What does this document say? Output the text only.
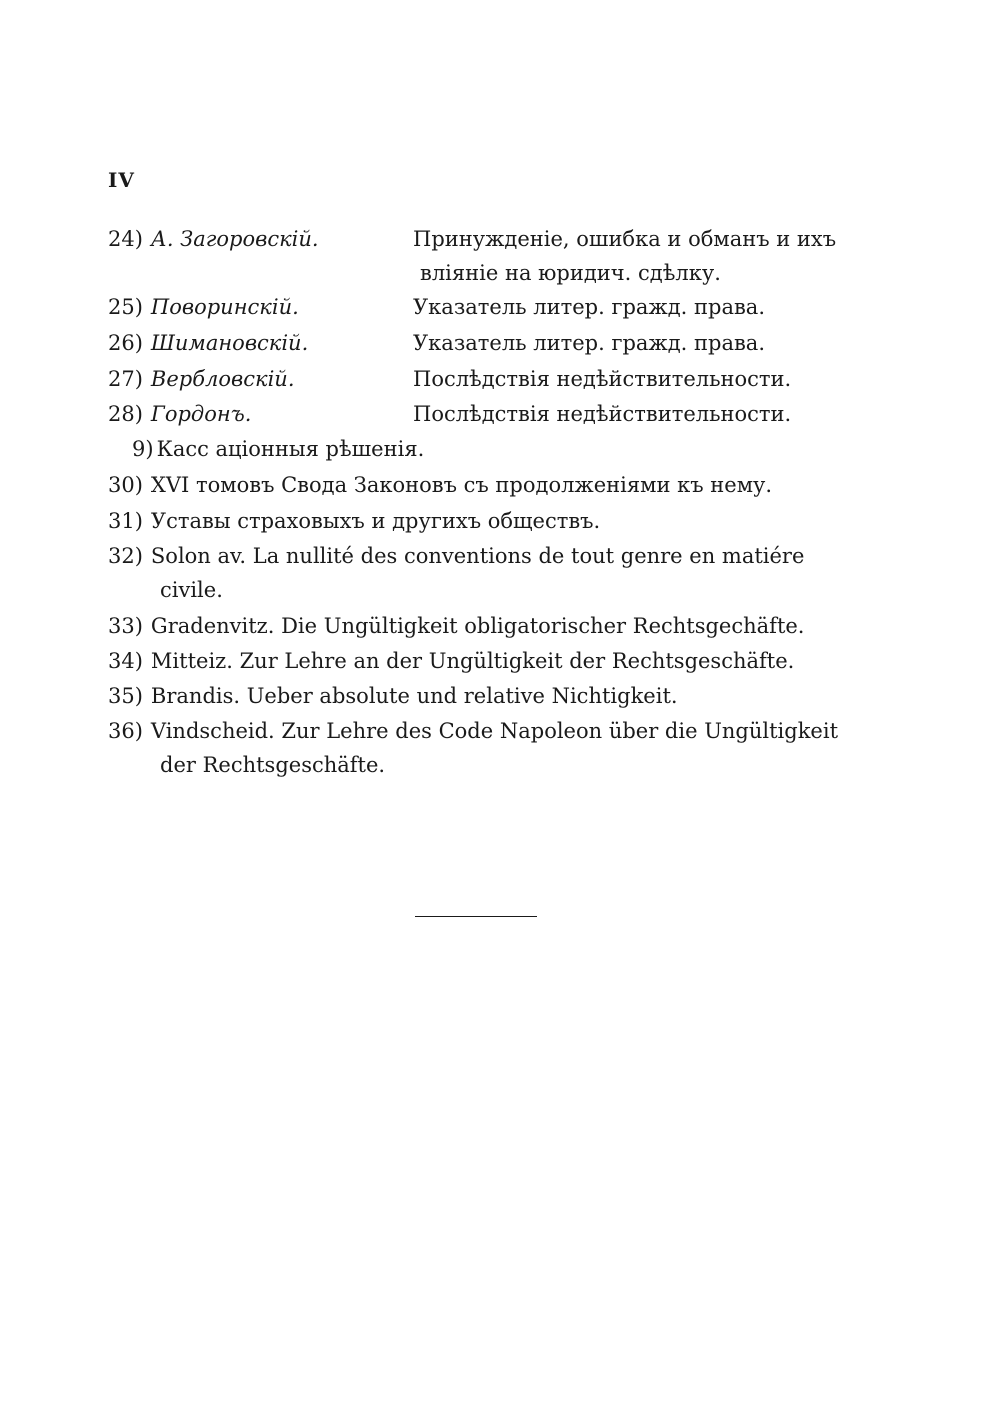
IV
24) А. Загоровскій.	Принужденіе, ошибка и обманъ и ихъ
вліяніе на юридич. сдѣлку.
25) Поворинскій.	Указатель литер. гражд. права.
26) Шимановскій.	Указатель литер. гражд. права.
27) Верблoвскій.	Послѣдствія недѣйствительности.
28) Гордонъ.	Послѣдствія недѣйствительности.
9) Касс аціонныя рѣшенія.
30) XVI томовъ Свода Законовъ съ продолженіями къ нему.
31) Уставы страховыхъ и другихъ обществъ.
32) Solon av. La nullité des conventions de tout genre en matiére
civile.
33) Gradenvitz. Die Ungültigkeit obligatorischer Rechtsgechäfte.
34) Mitteiz. Zur Lehre an der Ungültigkeit der Rechtsgeschäfte.
35) Brandis. Ueber absolute und relative Nichtigkeit.
36) Vindscheid. Zur Lehre des Code Napoleon über die Ungültigkeit
der Rechtsgeschäfte.
